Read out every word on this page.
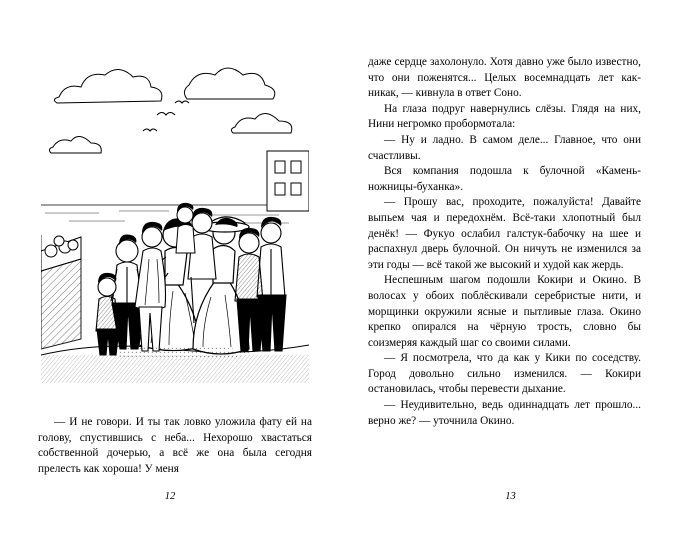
— И не говори. И ты так ловко уложила фату ей на голову, спустившись с неба... Нехорошо хвастаться собственной дочерью, а всё же она была сегодня прелесть как хороша! У меня

12

даже сердце захолонуло. Хотя давно уже было известно, что они поженятся... Целых восемнадцать лет как-никак, — кивнула в ответ Соно.

На глаза подруг навернулись слёзы. Глядя на них, Нини негромко пробормотала:

— Ну и ладно. В самом деле... Главное, что они счастливы.

Вся компания подошла к булочной «Камень-ножницы-буханка».

— Прошу вас, проходите, пожалуйста! Давайте выпьем чая и передохнём. Всё-таки хлопотный был денёк! — Фукуо ослабил галстук-бабочку на шее и распахнул дверь булочной. Он ничуть не изменился за эти годы — всё такой же высокий и худой как жердь.

Неспешным шагом подошли Кокири и Окино. В волосах у обоих поблёскивали серебристые нити, и морщинки окружили ясные и пытливые глаза. Окино крепко опирался на чёрную трость, словно бы соизмеряя каждый шаг со своими силами.

— Я посмотрела, что да как у Кики по соседству. Город довольно сильно изменился. — Кокири остановилась, чтобы перевести дыхание.

— Неудивительно, ведь одиннадцать лет прошло... верно же? — уточнила Окино.

13
